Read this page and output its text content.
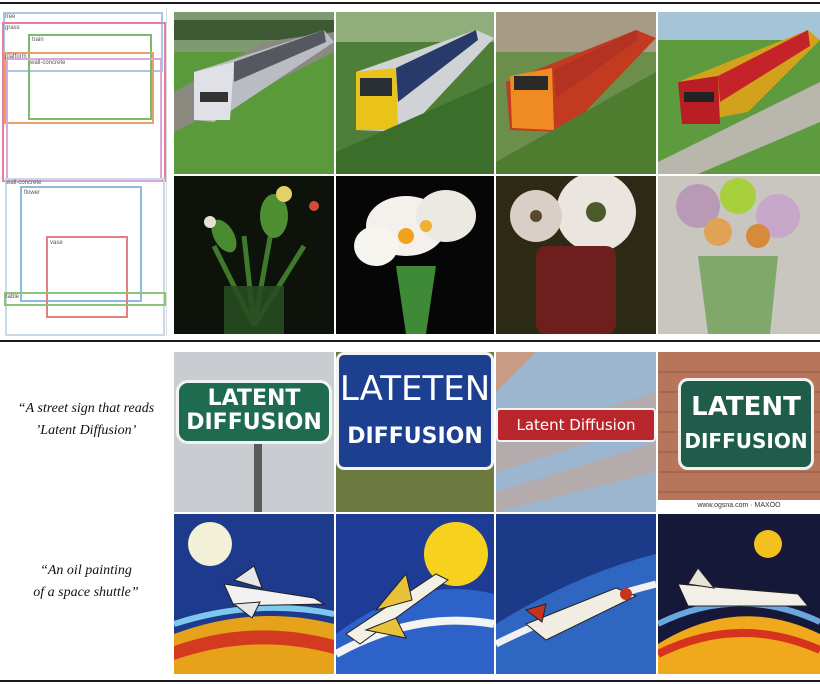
tree
grass
train
platform
wall-concrete
wall-concrete
flower
vase
table
“A street sign that reads
’Latent Diffusion’
“An oil painting
of a space shuttle”
LATENT
DIFFUSION
LATETEN
DIFFUSION	Latent Diffusion
LATENT
DIFFUSION
www.ogsna.com · MAXOO
